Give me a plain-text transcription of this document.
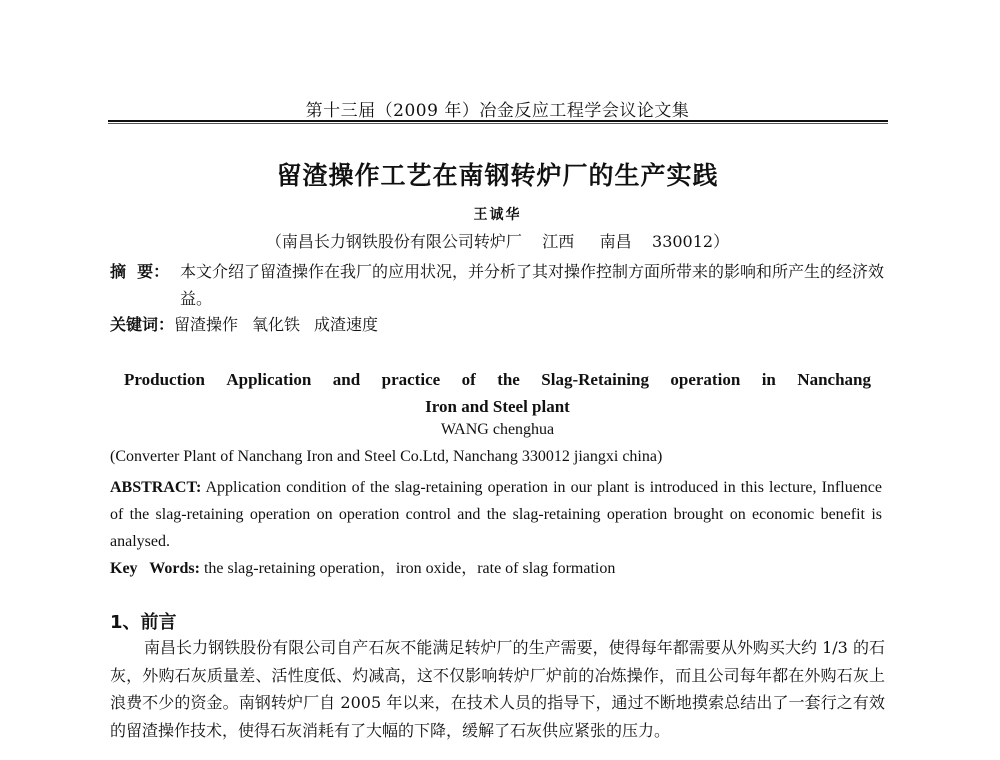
第十三届（2009 年）冶金反应工程学会议论文集
留渣操作工艺在南钢转炉厂的生产实践
王诚华
（南昌长力钢铁股份有限公司转炉厂    江西     南昌    330012）
摘  要： 本文介绍了留渣操作在我厂的应用状况，并分析了其对操作控制方面所带来的影响和所产生的经济效益。
关键词：留渣操作 氧化铁 成渣速度
Production Application and practice of the Slag-Retaining operation in Nanchang
Iron and Steel plant
WANG chenghua
(Converter Plant of Nanchang Iron and Steel Co.Ltd, Nanchang 330012 jiangxi china)
ABSTRACT: Application condition of the slag-retaining operation in our plant is introduced in this lecture, Influence of the slag-retaining operation on operation control and the slag-retaining operation brought on economic benefit is analysed.
Key   Words: the slag-retaining operation，iron oxide，rate of slag formation
1、前言
南昌长力钢铁股份有限公司自产石灰不能满足转炉厂的生产需要，使得每年都需要从外购买大约 1/3 的石灰，外购石灰质量差、活性度低、灼减高，这不仅影响转炉厂炉前的冶炼操作，而且公司每年都在外购石灰上浪费不少的资金。南钢转炉厂自 2005 年以来，在技术人员的指导下，通过不断地摸索总结出了一套行之有效的留渣操作技术，使得石灰消耗有了大幅的下降，缓解了石灰供应紧张的压力。
